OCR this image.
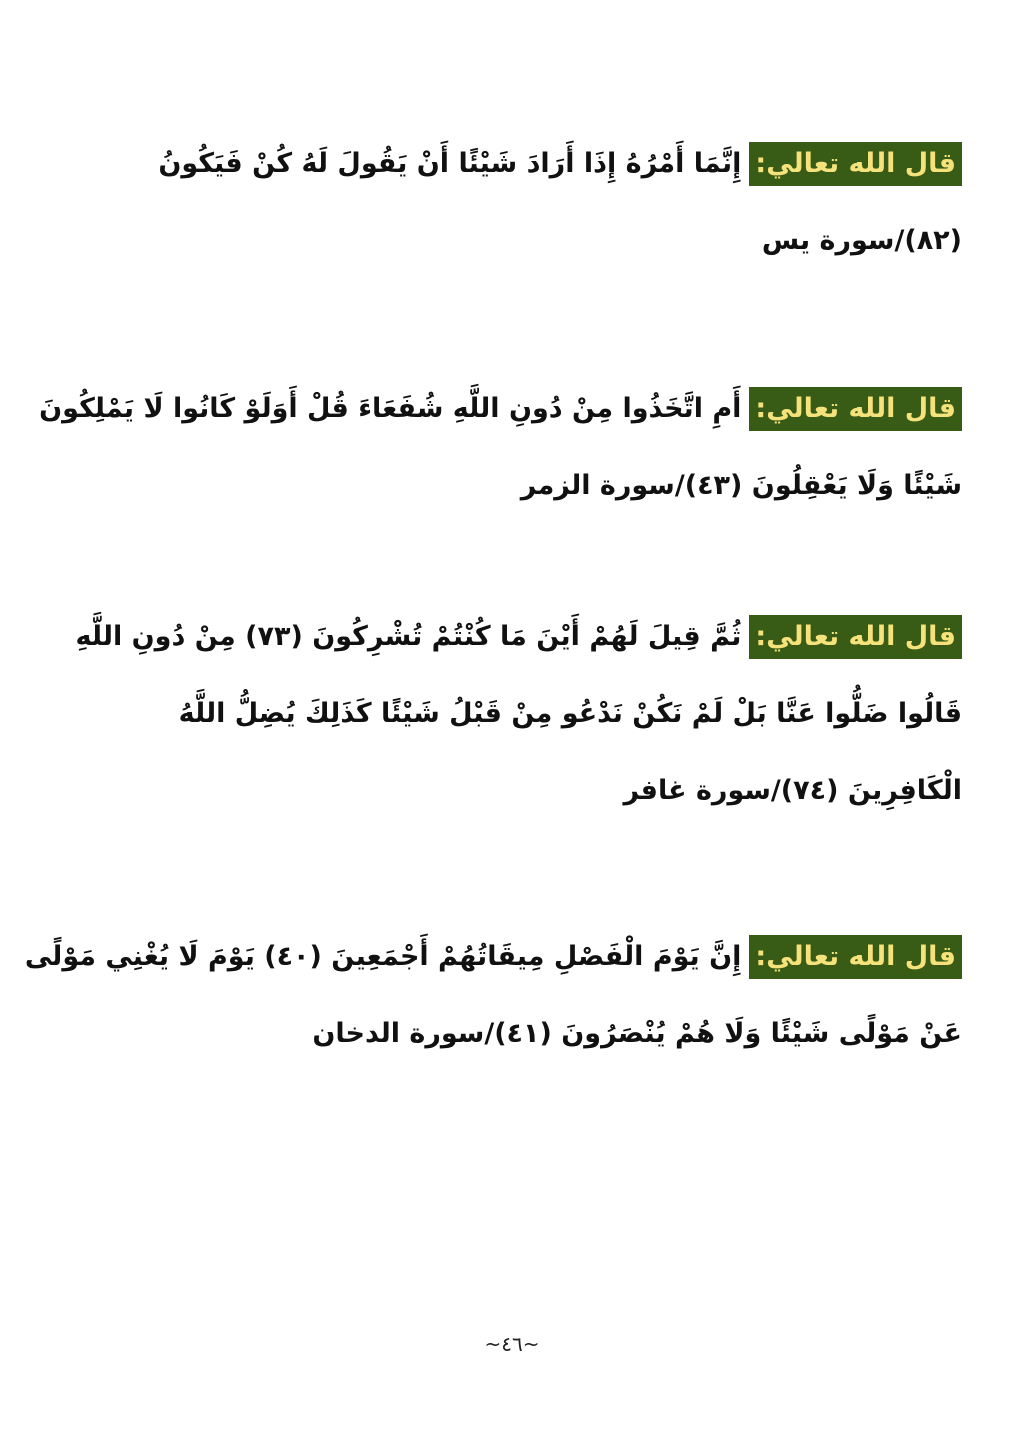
قال الله تعالي:إِنَّمَا أَمْرُهُ إِذَا أَرَادَ شَيْئًا أَنْ يَقُولَ لَهُ كُنْ فَيَكُونُ

(٨٢)/سورة يس

قال الله تعالي:أَمِ اتَّخَذُوا مِنْ دُونِ اللَّهِ شُفَعَاءَ قُلْ أَوَلَوْ كَانُوا لَا يَمْلِكُونَ

شَيْئًا وَلَا يَعْقِلُونَ (٤٣)/سورة الزمر

قال الله تعالي:ثُمَّ قِيلَ لَهُمْ أَيْنَ مَا كُنْتُمْ تُشْرِكُونَ (٧٣) مِنْ دُونِ اللَّهِ

قَالُوا ضَلُّوا عَنَّا بَلْ لَمْ نَكُنْ نَدْعُو مِنْ قَبْلُ شَيْئًا كَذَلِكَ يُضِلُّ اللَّهُ

الْكَافِرِينَ (٧٤)/سورة غافر

قال الله تعالي:إِنَّ يَوْمَ الْفَصْلِ مِيقَاتُهُمْ أَجْمَعِينَ (٤٠) يَوْمَ لَا يُغْنِي مَوْلًى

عَنْ مَوْلًى شَيْئًا وَلَا هُمْ يُنْصَرُونَ (٤١)/سورة الدخان

~٤٦~
